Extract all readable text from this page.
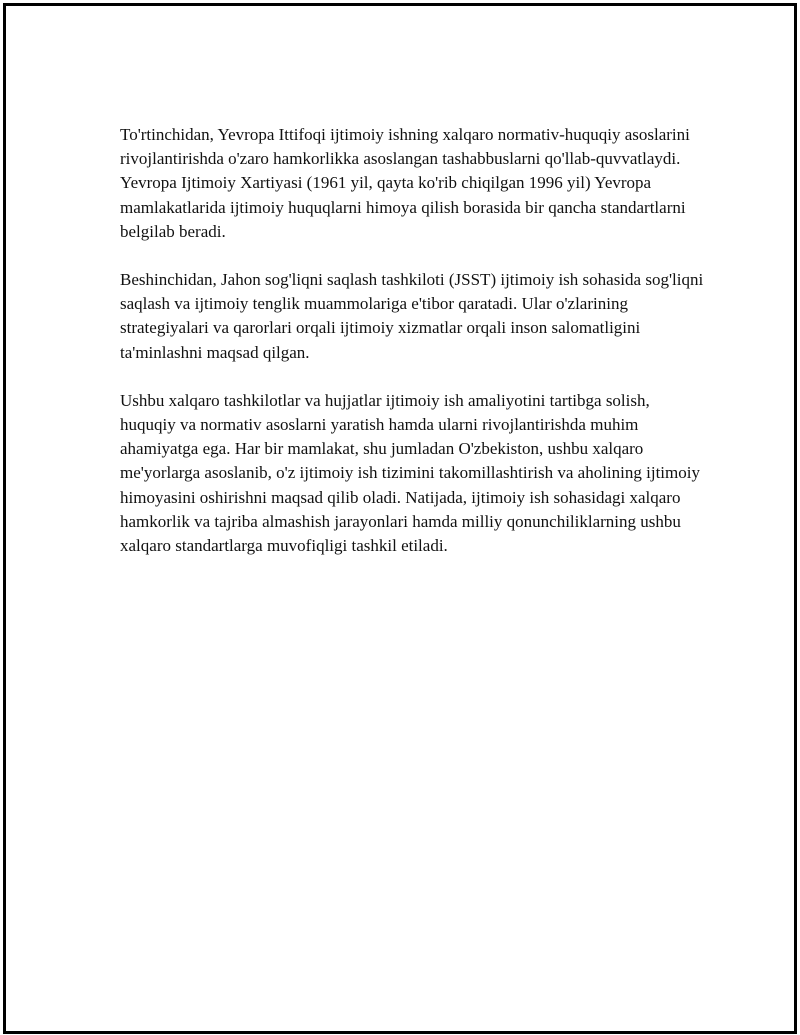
To'rtinchidan, Yevropa Ittifoqi ijtimoiy ishning xalqaro normativ-huquqiy asoslarini rivojlantirishda o'zaro hamkorlikka asoslangan tashabbuslarni qo'llab-quvvatlaydi. Yevropa Ijtimoiy Xartiyasi (1961 yil, qayta ko'rib chiqilgan 1996 yil) Yevropa mamlakatlarida ijtimoiy huquqlarni himoya qilish borasida bir qancha standartlarni belgilab beradi.

Beshinchidan, Jahon sog'liqni saqlash tashkiloti (JSST) ijtimoiy ish sohasida sog'liqni saqlash va ijtimoiy tenglik muammolariga e'tibor qaratadi. Ular o'zlarining strategiyalari va qarorlari orqali ijtimoiy xizmatlar orqali inson salomatligini ta'minlashni maqsad qilgan.

Ushbu xalqaro tashkilotlar va hujjatlar ijtimoiy ish amaliyotini tartibga solish, huquqiy va normativ asoslarni yaratish hamda ularni rivojlantirishda muhim ahamiyatga ega. Har bir mamlakat, shu jumladan O'zbekiston, ushbu xalqaro me'yorlarga asoslanib, o'z ijtimoiy ish tizimini takomillashtirish va aholining ijtimoiy himoyasini oshirishni maqsad qilib oladi. Natijada, ijtimoiy ish sohasidagi xalqaro hamkorlik va tajriba almashish jarayonlari hamda milliy qonunchiliklarning ushbu xalqaro standartlarga muvofiqligi tashkil etiladi.
